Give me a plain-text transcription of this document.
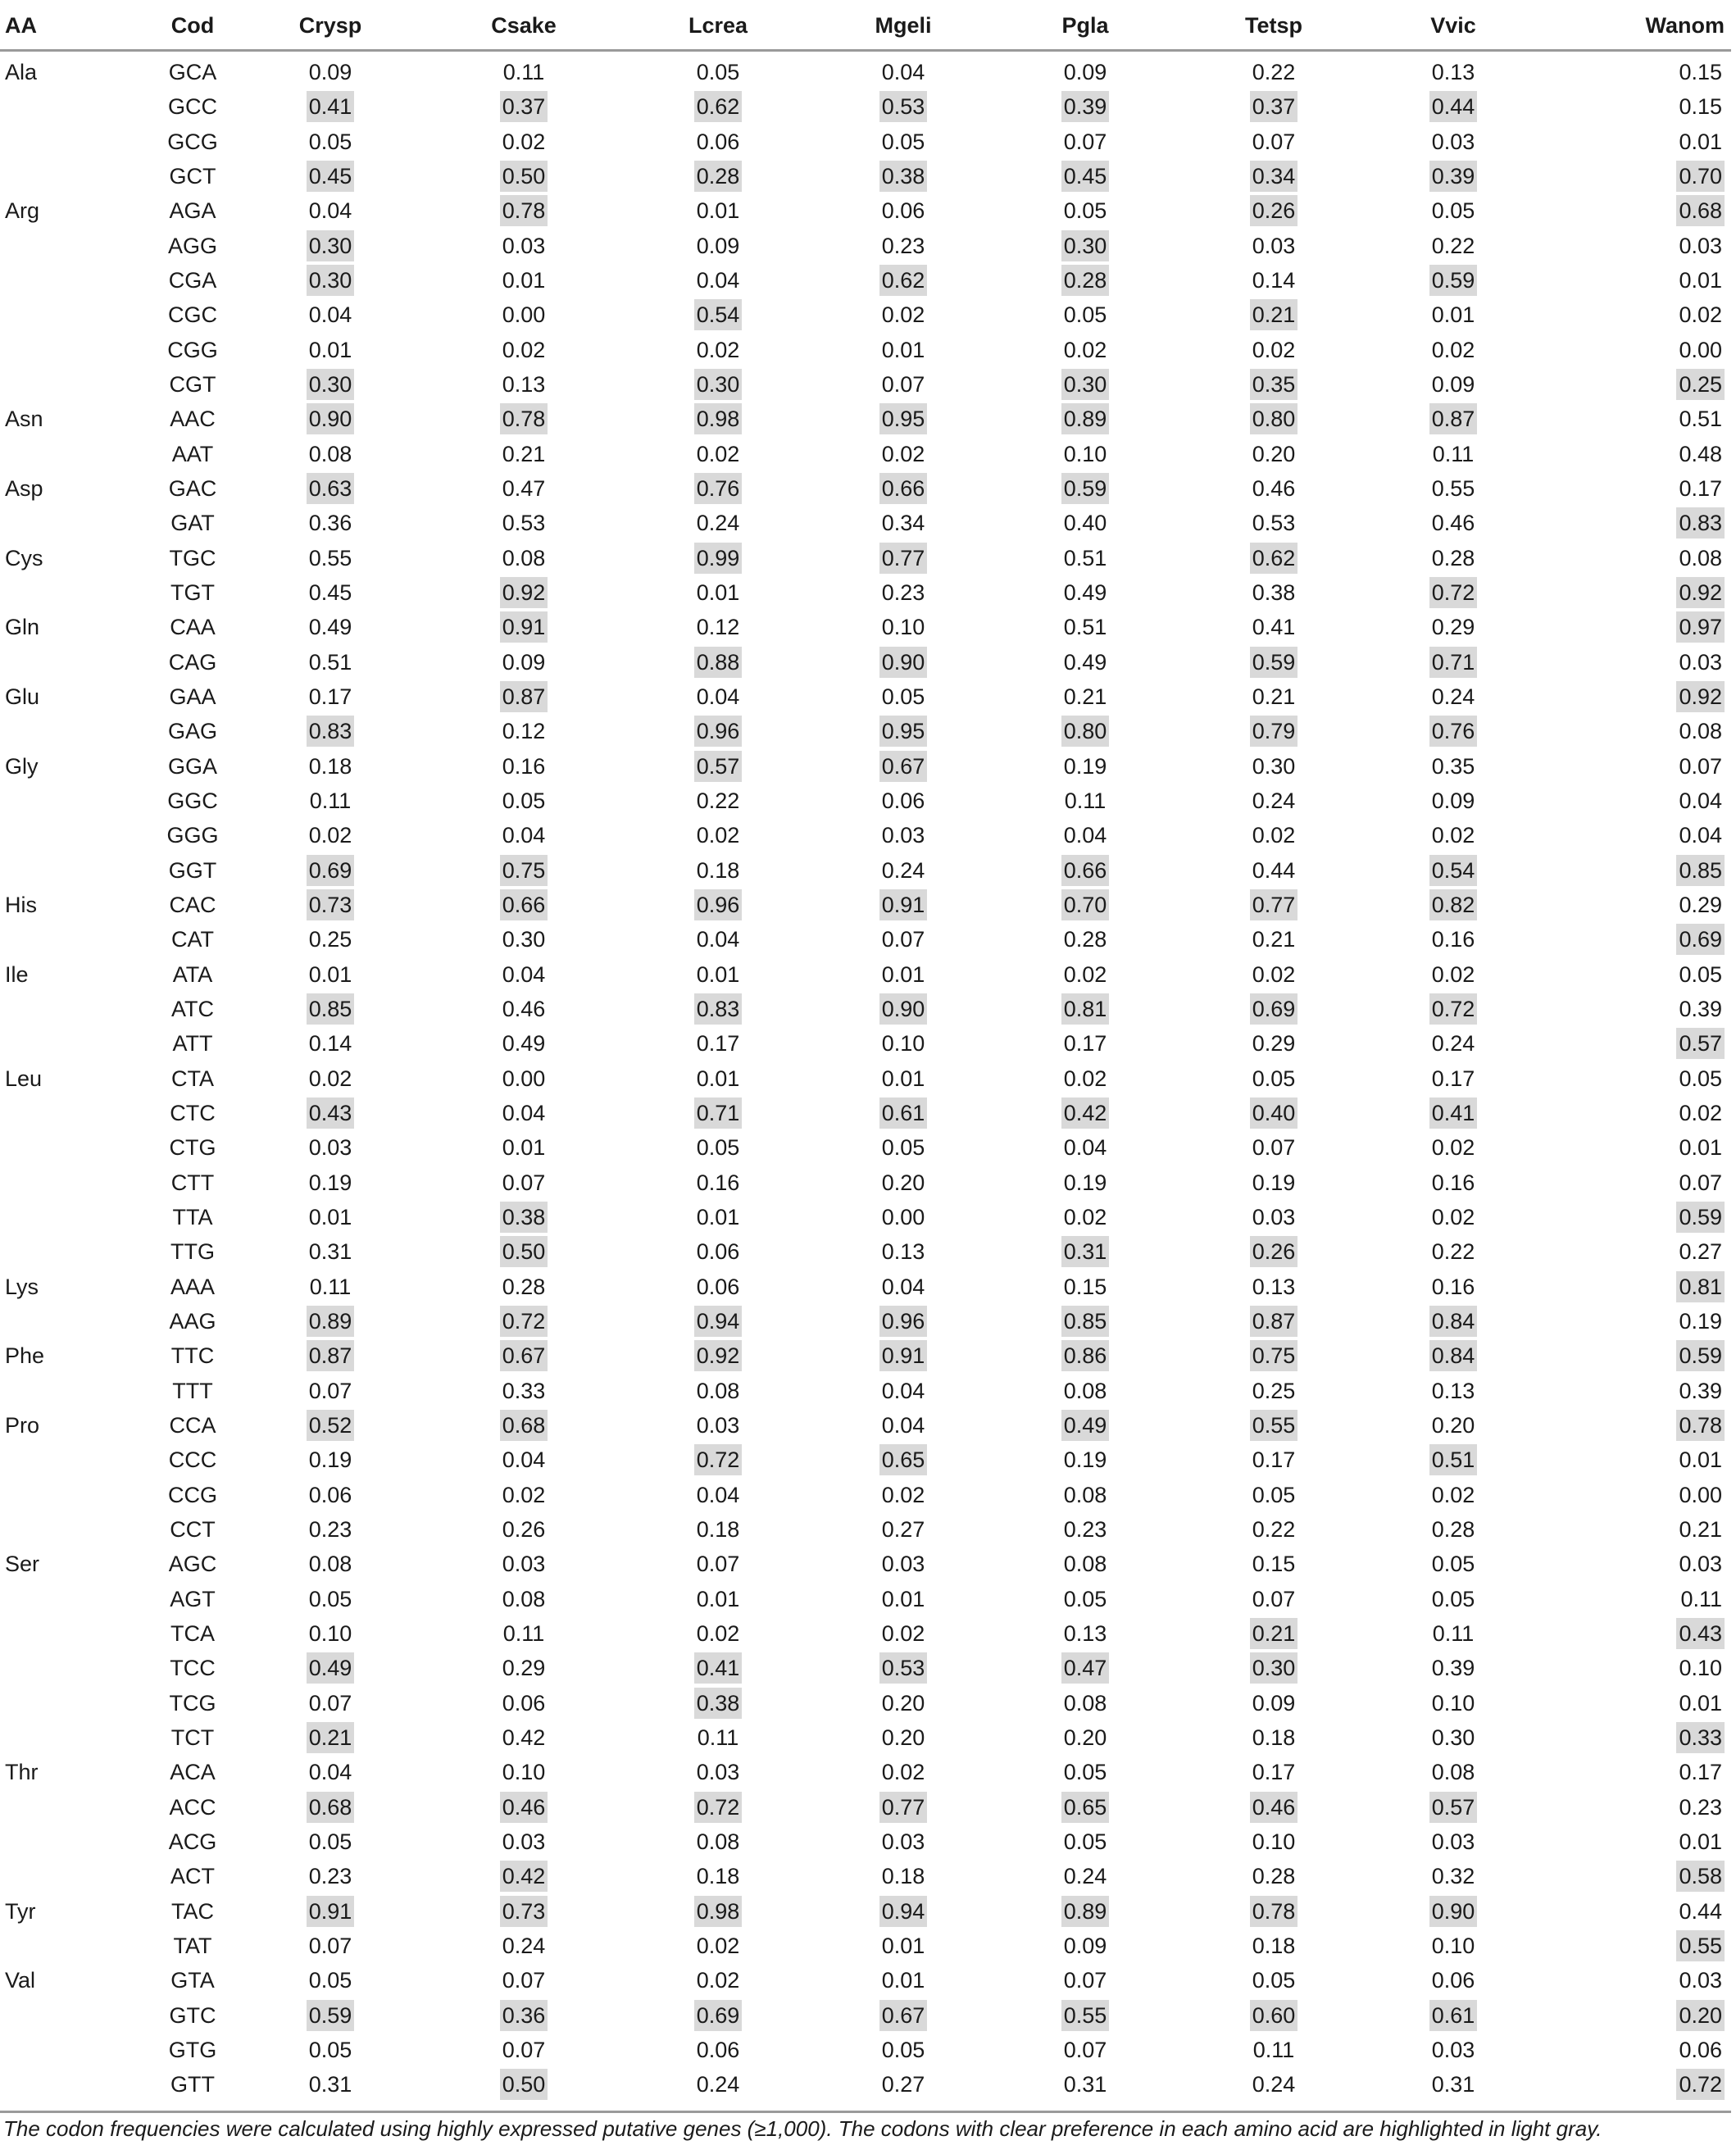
AA	Cod	Crysp	Csake	Lcrea	Mgeli	Pgla	Tetsp	Vvic	Wanom
Ala	GCA	0.09	0.11	0.05	0.04	0.09	0.22	0.13	0.15
GCC	0.41	0.37	0.62	0.53	0.39	0.37	0.44	0.15
GCG	0.05	0.02	0.06	0.05	0.07	0.07	0.03	0.01
GCT	0.45	0.50	0.28	0.38	0.45	0.34	0.39	0.70
Arg	AGA	0.04	0.78	0.01	0.06	0.05	0.26	0.05	0.68
AGG	0.30	0.03	0.09	0.23	0.30	0.03	0.22	0.03
CGA	0.30	0.01	0.04	0.62	0.28	0.14	0.59	0.01
CGC	0.04	0.00	0.54	0.02	0.05	0.21	0.01	0.02
CGG	0.01	0.02	0.02	0.01	0.02	0.02	0.02	0.00
CGT	0.30	0.13	0.30	0.07	0.30	0.35	0.09	0.25
Asn	AAC	0.90	0.78	0.98	0.95	0.89	0.80	0.87	0.51
AAT	0.08	0.21	0.02	0.02	0.10	0.20	0.11	0.48
Asp	GAC	0.63	0.47	0.76	0.66	0.59	0.46	0.55	0.17
GAT	0.36	0.53	0.24	0.34	0.40	0.53	0.46	0.83
Cys	TGC	0.55	0.08	0.99	0.77	0.51	0.62	0.28	0.08
TGT	0.45	0.92	0.01	0.23	0.49	0.38	0.72	0.92
Gln	CAA	0.49	0.91	0.12	0.10	0.51	0.41	0.29	0.97
CAG	0.51	0.09	0.88	0.90	0.49	0.59	0.71	0.03
Glu	GAA	0.17	0.87	0.04	0.05	0.21	0.21	0.24	0.92
GAG	0.83	0.12	0.96	0.95	0.80	0.79	0.76	0.08
Gly	GGA	0.18	0.16	0.57	0.67	0.19	0.30	0.35	0.07
GGC	0.11	0.05	0.22	0.06	0.11	0.24	0.09	0.04
GGG	0.02	0.04	0.02	0.03	0.04	0.02	0.02	0.04
GGT	0.69	0.75	0.18	0.24	0.66	0.44	0.54	0.85
His	CAC	0.73	0.66	0.96	0.91	0.70	0.77	0.82	0.29
CAT	0.25	0.30	0.04	0.07	0.28	0.21	0.16	0.69
Ile	ATA	0.01	0.04	0.01	0.01	0.02	0.02	0.02	0.05
ATC	0.85	0.46	0.83	0.90	0.81	0.69	0.72	0.39
ATT	0.14	0.49	0.17	0.10	0.17	0.29	0.24	0.57
Leu	CTA	0.02	0.00	0.01	0.01	0.02	0.05	0.17	0.05
CTC	0.43	0.04	0.71	0.61	0.42	0.40	0.41	0.02
CTG	0.03	0.01	0.05	0.05	0.04	0.07	0.02	0.01
CTT	0.19	0.07	0.16	0.20	0.19	0.19	0.16	0.07
TTA	0.01	0.38	0.01	0.00	0.02	0.03	0.02	0.59
TTG	0.31	0.50	0.06	0.13	0.31	0.26	0.22	0.27
Lys	AAA	0.11	0.28	0.06	0.04	0.15	0.13	0.16	0.81
AAG	0.89	0.72	0.94	0.96	0.85	0.87	0.84	0.19
Phe	TTC	0.87	0.67	0.92	0.91	0.86	0.75	0.84	0.59
TTT	0.07	0.33	0.08	0.04	0.08	0.25	0.13	0.39
Pro	CCA	0.52	0.68	0.03	0.04	0.49	0.55	0.20	0.78
CCC	0.19	0.04	0.72	0.65	0.19	0.17	0.51	0.01
CCG	0.06	0.02	0.04	0.02	0.08	0.05	0.02	0.00
CCT	0.23	0.26	0.18	0.27	0.23	0.22	0.28	0.21
Ser	AGC	0.08	0.03	0.07	0.03	0.08	0.15	0.05	0.03
AGT	0.05	0.08	0.01	0.01	0.05	0.07	0.05	0.11
TCA	0.10	0.11	0.02	0.02	0.13	0.21	0.11	0.43
TCC	0.49	0.29	0.41	0.53	0.47	0.30	0.39	0.10
TCG	0.07	0.06	0.38	0.20	0.08	0.09	0.10	0.01
TCT	0.21	0.42	0.11	0.20	0.20	0.18	0.30	0.33
Thr	ACA	0.04	0.10	0.03	0.02	0.05	0.17	0.08	0.17
ACC	0.68	0.46	0.72	0.77	0.65	0.46	0.57	0.23
ACG	0.05	0.03	0.08	0.03	0.05	0.10	0.03	0.01
ACT	0.23	0.42	0.18	0.18	0.24	0.28	0.32	0.58
Tyr	TAC	0.91	0.73	0.98	0.94	0.89	0.78	0.90	0.44
TAT	0.07	0.24	0.02	0.01	0.09	0.18	0.10	0.55
Val	GTA	0.05	0.07	0.02	0.01	0.07	0.05	0.06	0.03
GTC	0.59	0.36	0.69	0.67	0.55	0.60	0.61	0.20
GTG	0.05	0.07	0.06	0.05	0.07	0.11	0.03	0.06
GTT	0.31	0.50	0.24	0.27	0.31	0.24	0.31	0.72
The codon frequencies were calculated using highly expressed putative genes (≥1,000). The codons with clear preference in each amino acid are highlighted in light gray.
